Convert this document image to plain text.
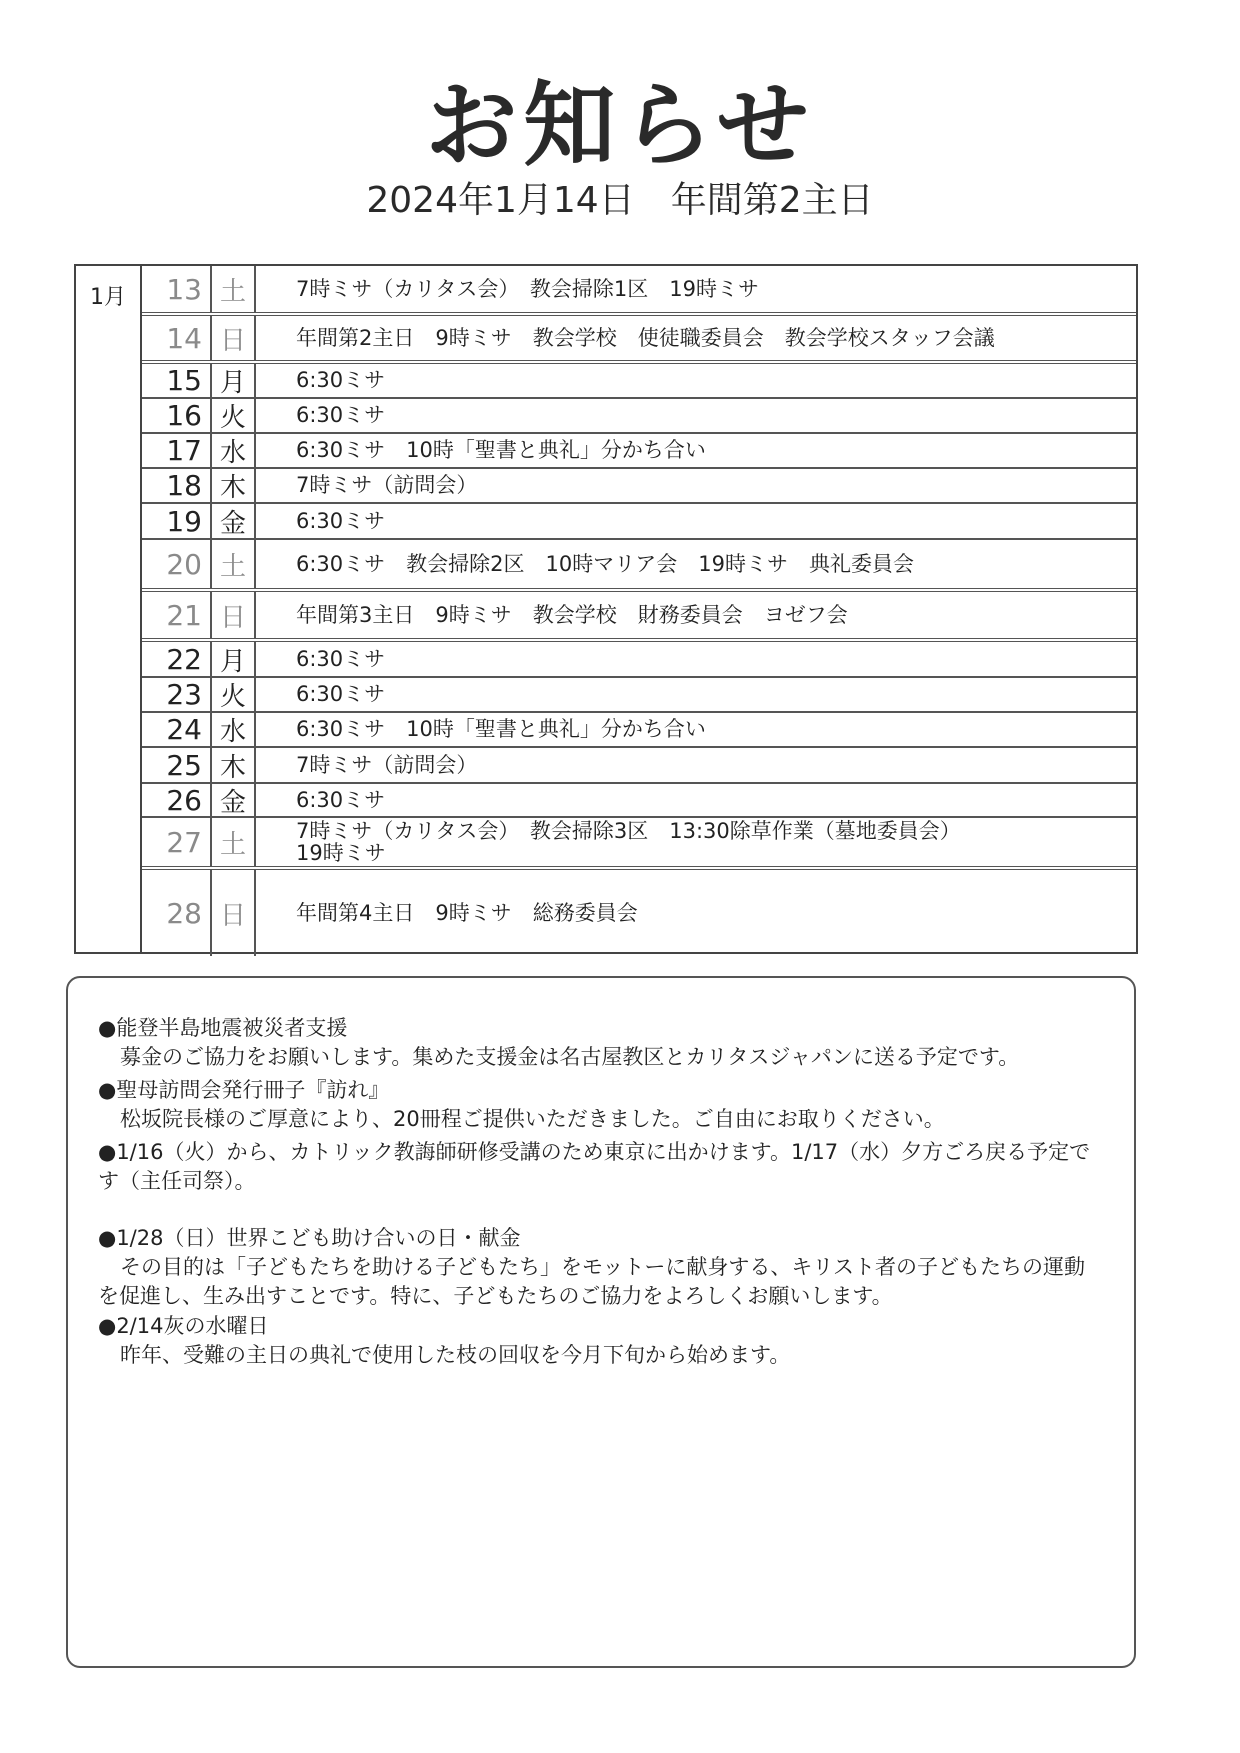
お知らせ
2024年1月14日　年間第2主日
1月	13 土	7時ミサ（カリタス会）　教会掃除1区　19時ミサ
14 日	年間第2主日　9時ミサ　教会学校　使徒職委員会　教会学校スタッフ会議
15 月	6:30ミサ
16 火	6:30ミサ
17 水	6:30ミサ　10時「聖書と典礼」分かち合い
18 木	7時ミサ（訪問会）
19 金	6:30ミサ
20 土	6:30ミサ　教会掃除2区　10時マリア会　19時ミサ　典礼委員会
21 日	年間第3主日　9時ミサ　教会学校　財務委員会　ヨゼフ会
22 月	6:30ミサ
23 火	6:30ミサ
24 水	6:30ミサ　10時「聖書と典礼」分かち合い
25 木	7時ミサ（訪問会）
26 金	6:30ミサ
27 土	7時ミサ（カリタス会）　教会掃除3区　13:30除草作業（墓地委員会）
19時ミサ
28 日	年間第4主日　9時ミサ　総務委員会
●能登半島地震被災者支援
募金のご協力をお願いします。集めた支援金は名古屋教区とカリタスジャパンに送る予定です。
●聖母訪問会発行冊子『訪れ』
松坂院長様のご厚意により、20冊程ご提供いただきました。ご自由にお取りください。
●1/16（火）から、カトリック教誨師研修受講のため東京に出かけます。1/17（水）夕方ごろ戻る予定です（主任司祭）。
●1/28（日）世界こども助け合いの日・献金
その目的は「子どもたちを助ける子どもたち」をモットーに献身する、キリスト者の子どもたちの運動を促進し、生み出すことです。特に、子どもたちのご協力をよろしくお願いします。
●2/14灰の水曜日
昨年、受難の主日の典礼で使用した枝の回収を今月下旬から始めます。
